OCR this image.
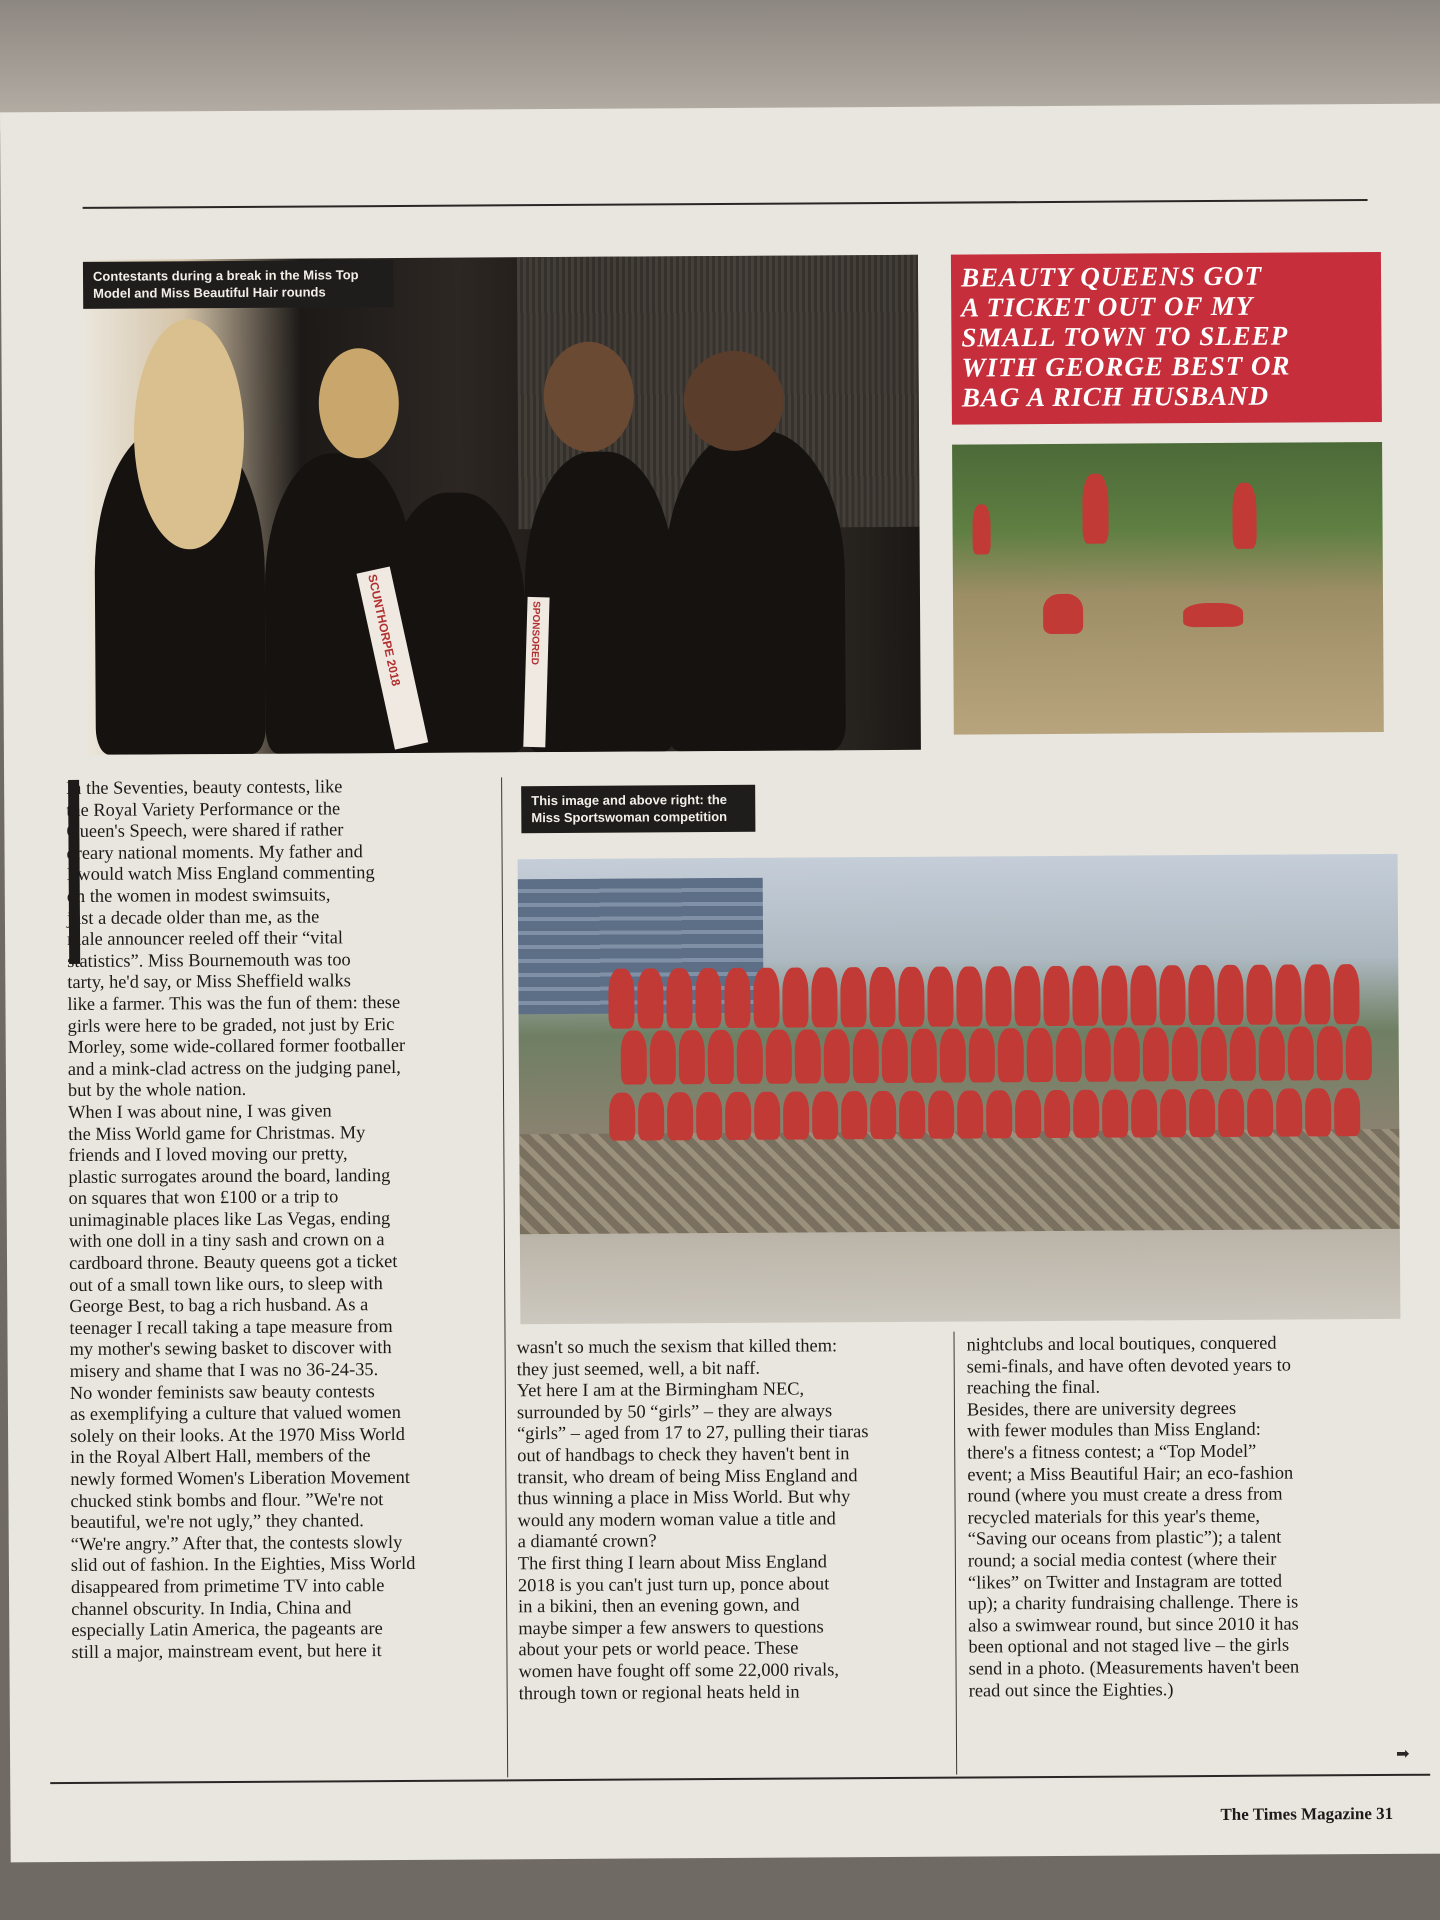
SCUNTHORPE 2018	SPONSORED
Contestants during a break in the Miss Top Model and Miss Beautiful Hair rounds
BEAUTY QUEENS GOT
A TICKET OUT OF MY
SMALL TOWN TO SLEEP
WITH GEORGE BEST OR
BAG A RICH HUSBAND
This image and above right: the Miss Sportswoman competition

In the Seventies, beauty contests, like
the Royal Variety Performance or the
Queen's Speech, were shared if rather
dreary national moments. My father and
I would watch Miss England commenting
on the women in modest swimsuits,
just a decade older than me, as the
male announcer reeled off their “vital
statistics”. Miss Bournemouth was too
tarty, he'd say, or Miss Sheffield walks
like a farmer. This was the fun of them: these
girls were here to be graded, not just by Eric
Morley, some wide-collared former footballer
and a mink-clad actress on the judging panel,
but by the whole nation.
When I was about nine, I was given
the Miss World game for Christmas. My
friends and I loved moving our pretty,
plastic surrogates around the board, landing
on squares that won £100 or a trip to
unimaginable places like Las Vegas, ending
with one doll in a tiny sash and crown on a
cardboard throne. Beauty queens got a ticket
out of a small town like ours, to sleep with
George Best, to bag a rich husband. As a
teenager I recall taking a tape measure from
my mother's sewing basket to discover with
misery and shame that I was no 36-24-35.
No wonder feminists saw beauty contests
as exemplifying a culture that valued women
solely on their looks. At the 1970 Miss World
in the Royal Albert Hall, members of the
newly formed Women's Liberation Movement
chucked stink bombs and flour. ”We're not
beautiful, we're not ugly,” they chanted.
“We're angry.” After that, the contests slowly
slid out of fashion. In the Eighties, Miss World
disappeared from primetime TV into cable
channel obscurity. In India, China and
especially Latin America, the pageants are
still a major, mainstream event, but here it

wasn't so much the sexism that killed them:
they just seemed, well, a bit naff.
Yet here I am at the Birmingham NEC,
surrounded by 50 “girls” – they are always
“girls” – aged from 17 to 27, pulling their tiaras
out of handbags to check they haven't bent in
transit, who dream of being Miss England and
thus winning a place in Miss World. But why
would any modern woman value a title and
a diamanté crown?
The first thing I learn about Miss England
2018 is you can't just turn up, ponce about
in a bikini, then an evening gown, and
maybe simper a few answers to questions
about your pets or world peace. These
women have fought off some 22,000 rivals,
through town or regional heats held in

nightclubs and local boutiques, conquered
semi-finals, and have often devoted years to
reaching the final.
Besides, there are university degrees
with fewer modules than Miss England:
there's a fitness contest; a “Top Model”
event; a Miss Beautiful Hair; an eco-fashion
round (where you must create a dress from
recycled materials for this year's theme,
“Saving our oceans from plastic”); a talent
round; a social media contest (where their
“likes” on Twitter and Instagram are totted
up); a charity fundraising challenge. There is
also a swimwear round, but since 2010 it has
been optional and not staged live – the girls
send in a photo. (Measurements haven't been
read out since the Eighties.)

➡
The Times Magazine 31
